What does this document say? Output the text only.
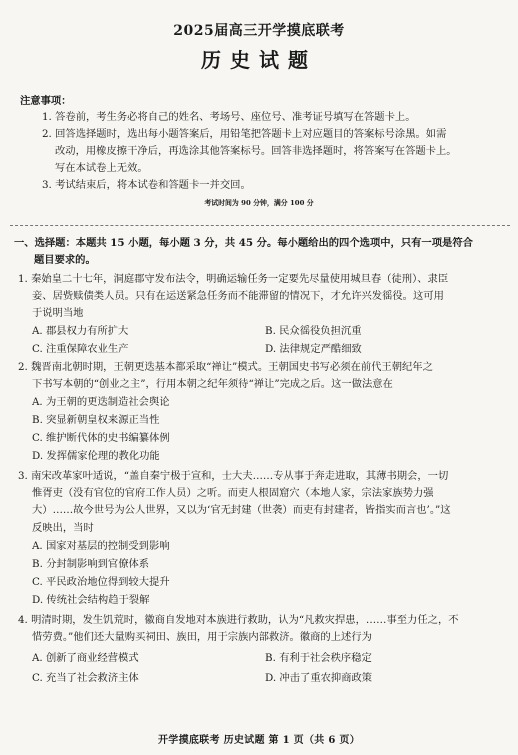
2025届高三开学摸底联考
历史试题
注意事项：
1. 答卷前，考生务必将自己的姓名、考场号、座位号、准考证号填写在答题卡上。
2. 回答选择题时，选出每小题答案后，用铅笔把答题卡上对应题目的答案标号涂黑。如需
改动，用橡皮擦干净后，再选涂其他答案标号。回答非选择题时，将答案写在答题卡上。
写在本试卷上无效。
3. 考试结束后，将本试卷和答题卡一并交回。
考试时间为 90 分钟，满分 100 分
一、选择题：本题共 15 小题，每小题 3 分，共 45 分。每小题给出的四个选项中，只有一项是符合
题目要求的。
1. 秦始皇二十七年，洞庭郡守发布法令，明确运输任务一定要先尽量使用城旦春（徒刑）、隶臣
妾、居赀赎债类人员。只有在运送紧急任务而不能滞留的情况下，才允许兴发徭役。这可用
于说明当地
A. 郡县权力有所扩大	B. 民众徭役负担沉重
C. 注重保障农业生产	D. 法律规定严酷细致
2. 魏晋南北朝时期，王朝更迭基本都采取“禅让”模式。王朝国史书写必须在前代王朝纪年之
下书写本朝的“创业之主”，行用本朝之纪年须待“禅让”完成之后。这一做法意在
A. 为王朝的更迭制造社会舆论
B. 突显新朝皇权来源正当性
C. 维护断代体的史书编纂体例
D. 发挥儒家伦理的教化功能
3. 南宋改革家叶适说，“盖自秦宁极于宣和，士大夫……专从事于奔走进取，其薄书期会，一切
惟胥吏（没有官位的官府工作人员）之听。而吏人根固窟穴（本地人家，宗法家族势力强
大）……故今世号为公人世界，又以为‘官无封建（世袭）而吏有封建者，皆指实而言也’。”这
反映出，当时
A. 国家对基层的控制受到影响
B. 分封制影响到官僚体系
C. 平民政治地位得到较大提升
D. 传统社会结构趋于裂解
4. 明清时期，发生饥荒时，徽商自发地对本族进行救助，认为“凡救灾捍患，……事至力任之，不
惜劳费。”他们还大量购买祠田、族田，用于宗族内部救济。徽商的上述行为
A. 创新了商业经营模式	B. 有利于社会秩序稳定
C. 充当了社会救济主体	D. 冲击了重农抑商政策
开学摸底联考 历史试题 第 1 页（共 6 页）
